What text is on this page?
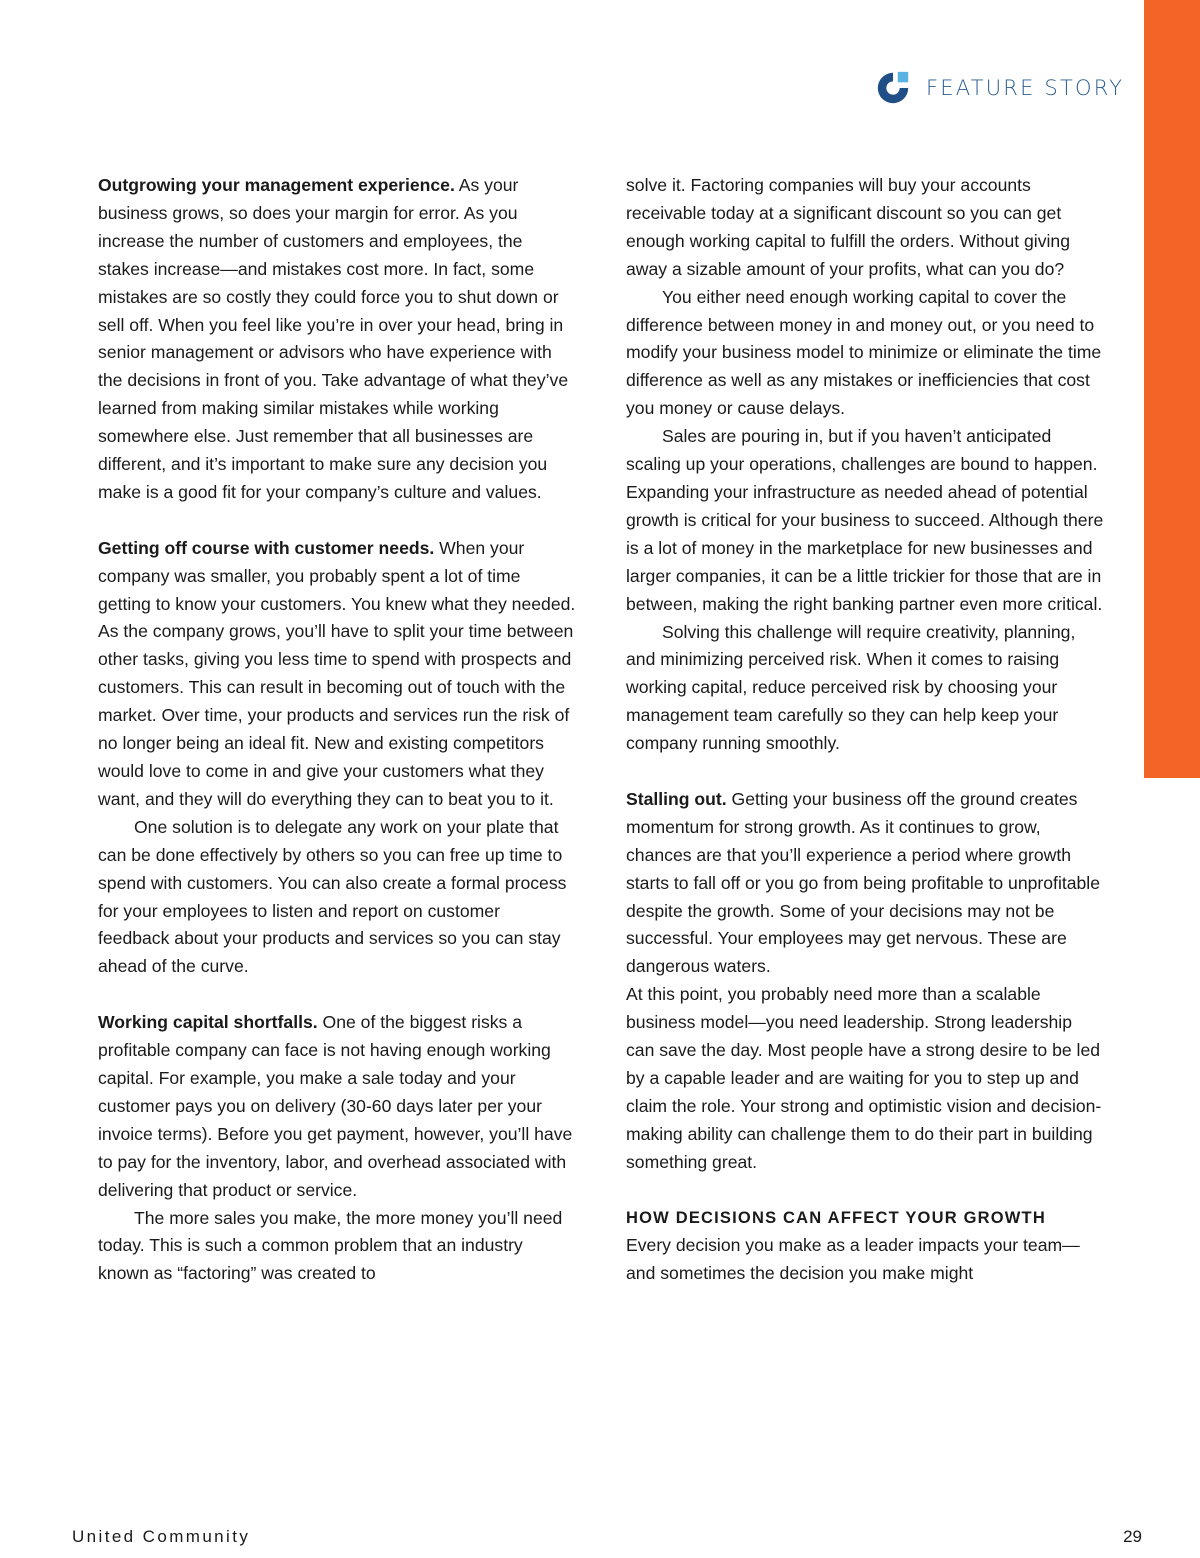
FEATURE STORY

Outgrowing your management experience. As your business grows, so does your margin for error. As you increase the number of customers and employees, the stakes increase—and mistakes cost more. In fact, some mistakes are so costly they could force you to shut down or sell off. When you feel like you’re in over your head, bring in senior management or advisors who have experience with the decisions in front of you. Take advantage of what they’ve learned from making similar mistakes while working somewhere else. Just remember that all businesses are different, and it’s important to make sure any decision you make is a good fit for your company’s culture and values.

Getting off course with customer needs. When your company was smaller, you probably spent a lot of time getting to know your customers. You knew what they needed. As the company grows, you’ll have to split your time between other tasks, giving you less time to spend with prospects and customers. This can result in becoming out of touch with the market. Over time, your products and services run the risk of no longer being an ideal fit. New and existing competitors would love to come in and give your customers what they want, and they will do everything they can to beat you to it.

One solution is to delegate any work on your plate that can be done effectively by others so you can free up time to spend with customers. You can also create a formal process for your employees to listen and report on customer feedback about your products and services so you can stay ahead of the curve.

Working capital shortfalls. One of the biggest risks a profitable company can face is not having enough working capital. For example, you make a sale today and your customer pays you on delivery (30-60 days later per your invoice terms). Before you get payment, however, you’ll have to pay for the inventory, labor, and overhead associated with delivering that product or service.

The more sales you make, the more money you’ll need today. This is such a common problem that an industry known as “factoring” was created to

solve it. Factoring companies will buy your accounts receivable today at a significant discount so you can get enough working capital to fulfill the orders. Without giving away a sizable amount of your profits, what can you do?

You either need enough working capital to cover the difference between money in and money out, or you need to modify your business model to minimize or eliminate the time difference as well as any mistakes or inefficiencies that cost you money or cause delays.

Sales are pouring in, but if you haven’t anticipated scaling up your operations, challenges are bound to happen. Expanding your infrastructure as needed ahead of potential growth is critical for your business to succeed. Although there is a lot of money in the marketplace for new businesses and larger companies, it can be a little trickier for those that are in between, making the right banking partner even more critical.

Solving this challenge will require creativity, planning, and minimizing perceived risk. When it comes to raising working capital, reduce perceived risk by choosing your management team carefully so they can help keep your company running smoothly.

Stalling out. Getting your business off the ground creates momentum for strong growth. As it continues to grow, chances are that you’ll experience a period where growth starts to fall off or you go from being profitable to unprofitable despite the growth. Some of your decisions may not be successful. Your employees may get nervous. These are dangerous waters.

At this point, you probably need more than a scalable business model—you need leadership. Strong leadership can save the day. Most people have a strong desire to be led by a capable leader and are waiting for you to step up and claim the role. Your strong and optimistic vision and decision-making ability can challenge them to do their part in building something great.

HOW DECISIONS CAN AFFECT YOUR GROWTH

Every decision you make as a leader impacts your team—and sometimes the decision you make might

United Community	29
